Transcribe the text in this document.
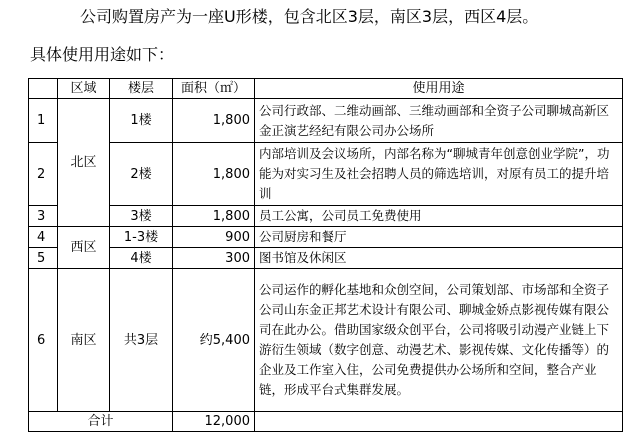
公司购置房产为一座U形楼，包含北区3层，南区3层，西区4层。
具体使用用途如下：
	区域	楼层	面积（㎡）	使用用途
1	北区	1楼	1,800	公司行政部、二维动画部、三维动画部和全资子公司聊城高新区金正演艺经纪有限公司办公场所
2		2楼	1,800	内部培训及会议场所，内部名称为“聊城青年创意创业学院”，功能为对实习生及社会招聘人员的筛选培训，对原有员工的提升培训
3		3楼	1,800	员工公寓，公司员工免费使用
4	西区	1-3楼	900	公司厨房和餐厅
5		4楼	300	图书馆及休闲区
6	南区	共3层	约5,400	公司运作的孵化基地和众创空间，公司策划部、市场部和全资子公司山东金正邦艺术设计有限公司、聊城金娇点影视传媒有限公司在此办公。借助国家级众创平台，公司将吸引动漫产业链上下游衍生领域（数字创意、动漫艺术、影视传媒、文化传播等）的企业及工作室入住，公司免费提供办公场所和空间，整合产业链，形成平台式集群发展。
合计			12,000	
